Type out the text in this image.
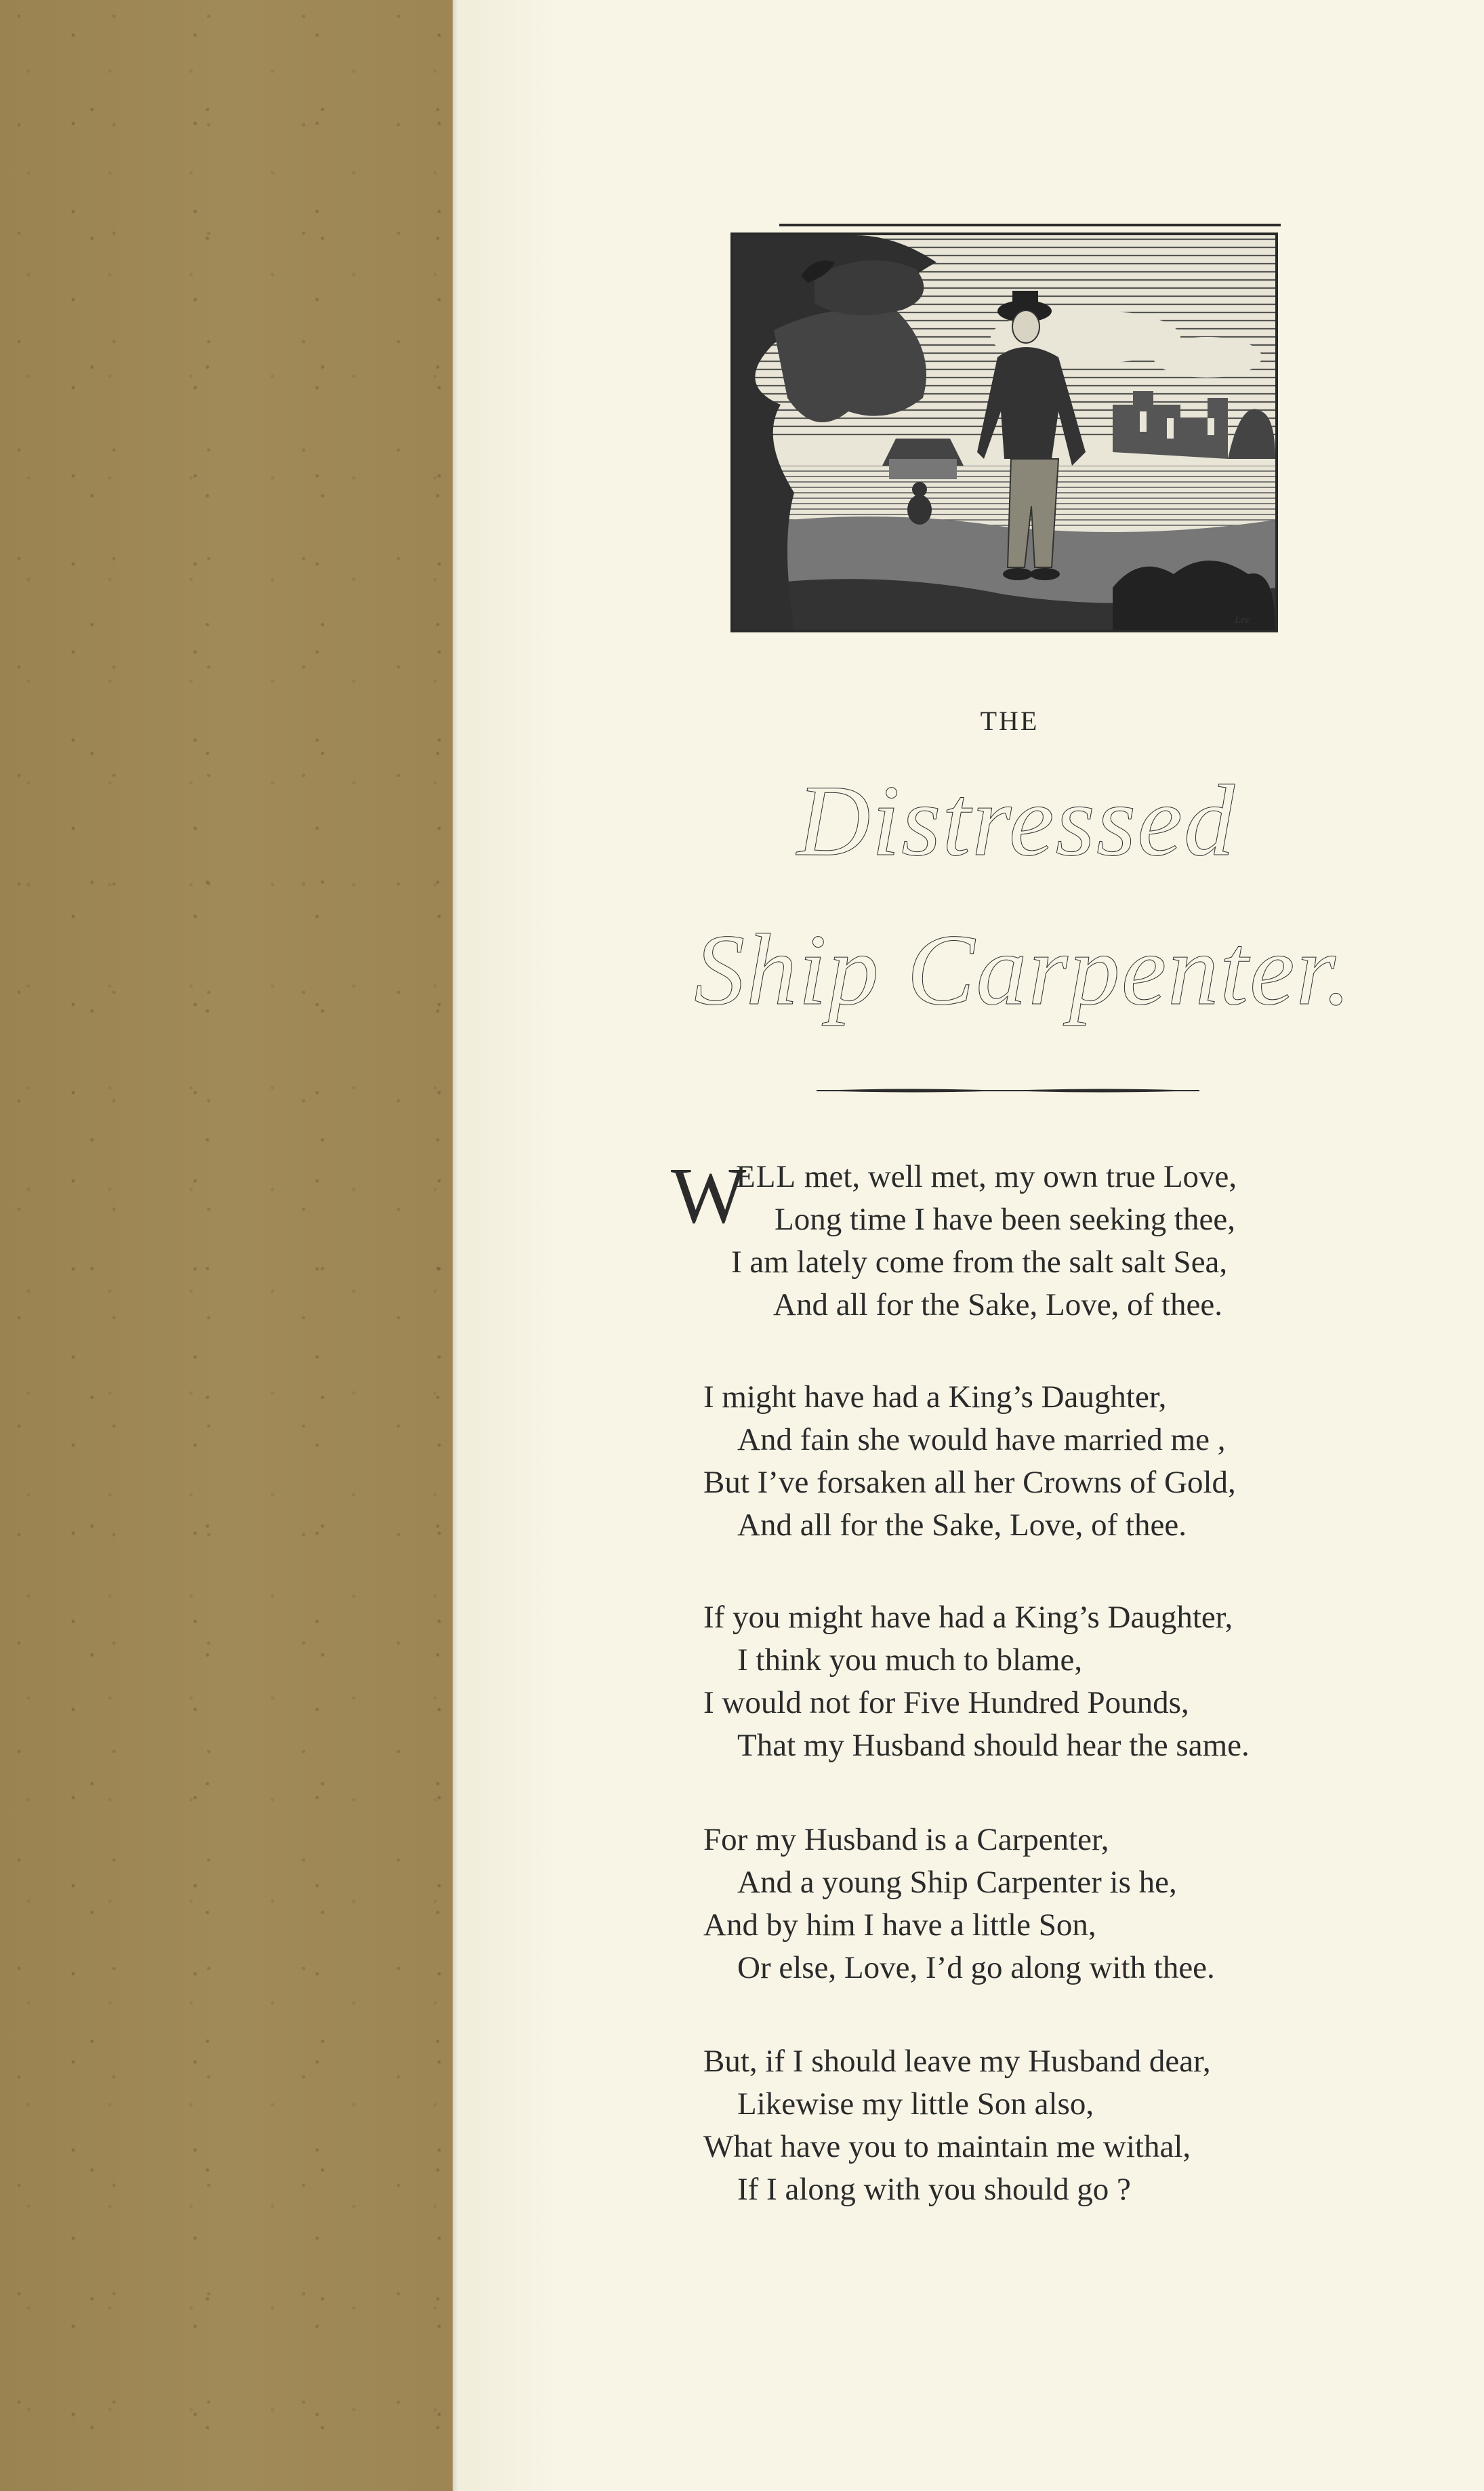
Lee
THE
Distressed
Ship Carpenter.
W
ELL met, well met, my own true Love,
Long time I have been seeking thee,
I am lately come from the salt salt Sea,
And all for the Sake, Love, of thee.
I might have had a King’s Daughter,
And fain she would have married me ,
But I’ve forsaken all her Crowns of Gold,
And all for the Sake, Love, of thee.
If you might have had a King’s Daughter,
I think you much to blame,
I would not for Five Hundred Pounds,
That my Husband should hear the same.
For my Husband is a Carpenter,
And a young Ship Carpenter is he,
And by him I have a little Son,
Or else, Love, I’d go along with thee.
But, if I should leave my Husband dear,
Likewise my little Son also,
What have you to maintain me withal,
If I along with you should go ?
